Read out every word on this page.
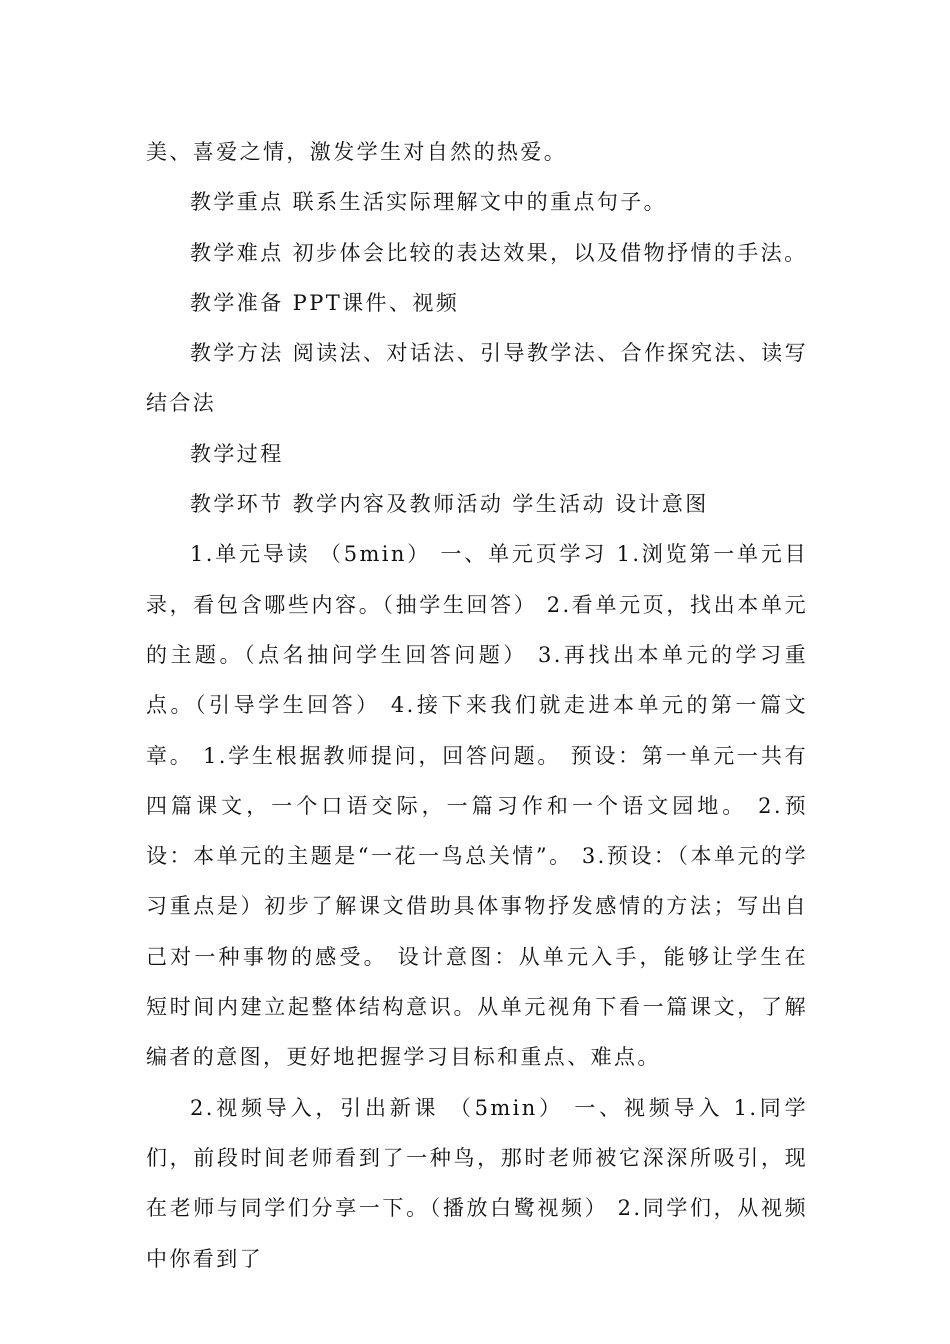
美、喜爱之情，激发学生对自然的热爱。

教学重点 联系生活实际理解文中的重点句子。

教学难点 初步体会比较的表达效果，以及借物抒情的手法。

教学准备 PPT课件、视频

教学方法 阅读法、对话法、引导教学法、合作探究法、读写结合法

教学过程

教学环节 教学内容及教师活动 学生活动 设计意图

1.单元导读 （5min） 一、单元页学习 1.浏览第一单元目录，看包含哪些内容。（抽学生回答） 2.看单元页，找出本单元的主题。（点名抽问学生回答问题） 3.再找出本单元的学习重点。（引导学生回答） 4.接下来我们就走进本单元的第一篇文章。 1.学生根据教师提问，回答问题。 预设：第一单元一共有四篇课文，一个口语交际，一篇习作和一个语文园地。 2.预设：本单元的主题是“一花一鸟总关情”。 3.预设：（本单元的学习重点是）初步了解课文借助具体事物抒发感情的方法；写出自己对一种事物的感受。 设计意图：从单元入手，能够让学生在短时间内建立起整体结构意识。从单元视角下看一篇课文，了解编者的意图，更好地把握学习目标和重点、难点。

2.视频导入，引出新课 （5min） 一、视频导入 1.同学们，前段时间老师看到了一种鸟，那时老师被它深深所吸引，现在老师与同学们分享一下。（播放白鹭视频） 2.同学们，从视频中你看到了
